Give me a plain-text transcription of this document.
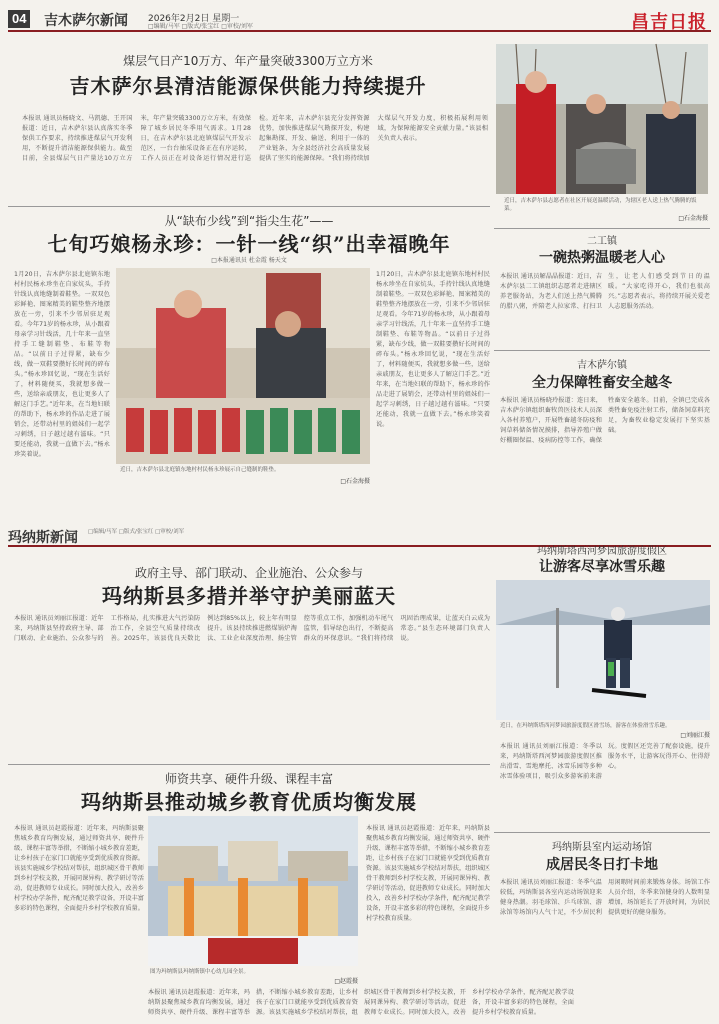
04 吉木萨尔新闻 2026年2月2日 星期一
□编辑/马军 □版式/张宝红 □审校/刘军	昌吉日报
煤层气日产10万方、年产量突破3300万立方米
吉木萨尔县清洁能源保供能力持续提升
本报讯 通讯员杨晓文、马凯德、王开国报道：近日，吉木萨尔县认真落实冬季保供工作要求，持续推进煤层气开发利用，不断提升清洁能源保供能力。截至目前，全县煤层气日产量达10万立方米，年产量突破3300万立方米，有效保障了城乡居民冬季用气需求。1月28日，在吉木萨尔县北庭镇煤层气开发示范区，一台台抽采设备正在有序运转，工作人员正在对设备运行情况进行巡检。近年来，吉木萨尔县充分发挥资源优势，加快推进煤层气勘探开发，构建起集勘探、开发、输送、利用于一体的产业链条，为全县经济社会高质量发展提供了坚实的能源保障。“我们将持续加大煤层气开发力度，积极拓展利用领域，为保障能源安全贡献力量。”该县相关负责人表示。
近日，吉木萨尔县志愿者在社区开展送温暖活动，为辖区老人送上热气腾腾的饭菜。
□石金海摄
从“缺布少线”到“指尖生花”——
七旬巧娘杨永珍：一针一线“织”出幸福晚年
□本报通讯员 杜金霞 杨天文
1月20日，吉木萨尔县北庭镇东地村村民杨永珍坐在自家炕头，手持针线认真地缝制着鞋垫。一双双色彩鲜艳、图案精美的鞋垫整齐地摆放在一旁，引来不少邻居驻足观看。今年71岁的杨永珍，从小跟着母亲学习针线活，几十年来一直坚持手工缝制鞋垫、布鞋等物品。“以前日子过得紧，缺布少线，做一双鞋要攒好长时间的碎布头。”杨永珍回忆说，“现在生活好了，材料随便买，我就想多做一些，送给亲戚朋友，也让更多人了解这门手艺。”近年来，在当地妇联的帮助下，杨永珍的作品走进了展销会，还带动村里的姐妹们一起学习刺绣，日子越过越有滋味。“只要还能动，我就一直做下去。”杨永珍笑着说。
近日，吉木萨尔县北庭镇东地村村民杨永珍展示自己缝制的鞋垫。
□石金海摄
1月20日，吉木萨尔县北庭镇东地村村民杨永珍坐在自家炕头，手持针线认真地缝制着鞋垫。一双双色彩鲜艳、图案精美的鞋垫整齐地摆放在一旁，引来不少邻居驻足观看。今年71岁的杨永珍，从小跟着母亲学习针线活，几十年来一直坚持手工缝制鞋垫、布鞋等物品。“以前日子过得紧，缺布少线，做一双鞋要攒好长时间的碎布头。”杨永珍回忆说，“现在生活好了，材料随便买，我就想多做一些，送给亲戚朋友，也让更多人了解这门手艺。”近年来，在当地妇联的帮助下，杨永珍的作品走进了展销会，还带动村里的姐妹们一起学习刺绣，日子越过越有滋味。“只要还能动，我就一直做下去。”杨永珍笑着说。
二工镇
一碗热粥温暖老人心
本报讯 通讯员解晶晶报道：近日，吉木萨尔县二工镇组织志愿者走进辖区养老服务站，为老人们送上热气腾腾的腊八粥，并陪老人拉家常、打扫卫生，让老人们感受到节日的温暖。“大家吃得开心，我们也很高兴。”志愿者表示，将持续开展关爱老人志愿服务活动。
吉木萨尔镇
全力保障牲畜安全越冬
本报讯 通讯员杨晓玲报道：连日来，吉木萨尔镇组织畜牧兽医技术人员深入各村养殖户，开展牲畜越冬防疫和饲草料储备情况摸排，指导养殖户做好棚圈保温、疫病防控等工作，确保牲畜安全越冬。目前，全镇已完成各类牲畜免疫注射工作，储备饲草料充足，为畜牧业稳定发展打下坚实基础。
玛纳斯新闻 □编辑/马军 □版式/张宝红 □审校/刘军
政府主导、部门联动、企业施治、公众参与
玛纳斯县多措并举守护美丽蓝天
本报讯 通讯员刘丽江报道：近年来，玛纳斯县坚持政府主导、部门联动、企业施治、公众参与的工作格局，扎实推进大气污染防治工作，全县空气质量持续改善。2025年，该县优良天数比例达到85%以上，较上年有明显提升。该县持续推进燃煤锅炉淘汰、工业企业深度治理、扬尘管控等重点工作，加强机动车尾气监管，倡导绿色出行，不断提高群众的环保意识。“我们将持续巩固治理成果，让蓝天白云成为常态。”县生态环境部门负责人说。
玛纳斯塔西河梦园旅游度假区
让游客尽享冰雪乐趣
近日，在玛纳斯塔西河梦园旅游度假区滑雪场，游客在体验滑雪乐趣。
□刘丽江摄
本报讯 通讯员刘丽江报道：冬季以来，玛纳斯塔西河梦园旅游度假区推出滑雪、雪地摩托、冰雪乐园等多种冰雪体验项目，吸引众多游客前来游玩。度假区还完善了配套设施，提升服务水平，让游客玩得开心、住得舒心。
师资共享、硬件升级、课程丰富
玛纳斯县推动城乡教育优质均衡发展
本报讯 通讯员赵霞报道：近年来，玛纳斯县聚焦城乡教育均衡发展，通过师资共享、硬件升级、课程丰富等举措，不断缩小城乡教育差距，让乡村孩子在家门口就能享受到优质教育资源。该县实施城乡学校结对帮扶，组织城区骨干教师到乡村学校支教，开展同课异构、教学研讨等活动，促进教师专业成长。同时加大投入，改善乡村学校办学条件，配齐配足教学设备，开设丰富多彩的特色课程，全面提升乡村学校教育质量。
图为玛纳斯县玛纳斯镇中心幼儿园全景。
□赵霞摄
本报讯 通讯员赵霞报道：近年来，玛纳斯县聚焦城乡教育均衡发展，通过师资共享、硬件升级、课程丰富等举措，不断缩小城乡教育差距，让乡村孩子在家门口就能享受到优质教育资源。该县实施城乡学校结对帮扶，组织城区骨干教师到乡村学校支教，开展同课异构、教学研讨等活动，促进教师专业成长。同时加大投入，改善乡村学校办学条件，配齐配足教学设备，开设丰富多彩的特色课程，全面提升乡村学校教育质量。
本报讯 通讯员赵霞报道：近年来，玛纳斯县聚焦城乡教育均衡发展，通过师资共享、硬件升级、课程丰富等举措，不断缩小城乡教育差距，让乡村孩子在家门口就能享受到优质教育资源。该县实施城乡学校结对帮扶，组织城区骨干教师到乡村学校支教，开展同课异构、教学研讨等活动，促进教师专业成长。同时加大投入，改善乡村学校办学条件，配齐配足教学设备，开设丰富多彩的特色课程，全面提升乡村学校教育质量。
玛纳斯县室内运动场馆
成居民冬日打卡地
本报讯 通讯员刘丽江报道：冬季气温较低，玛纳斯县各室内运动场馆迎来健身热潮。羽毛球馆、乒乓球馆、游泳馆等场馆内人气十足，不少居民利用闲暇时间前来锻炼身体。场馆工作人员介绍，冬季来馆健身的人数明显增加，场馆延长了开放时间，为居民提供更好的健身服务。
